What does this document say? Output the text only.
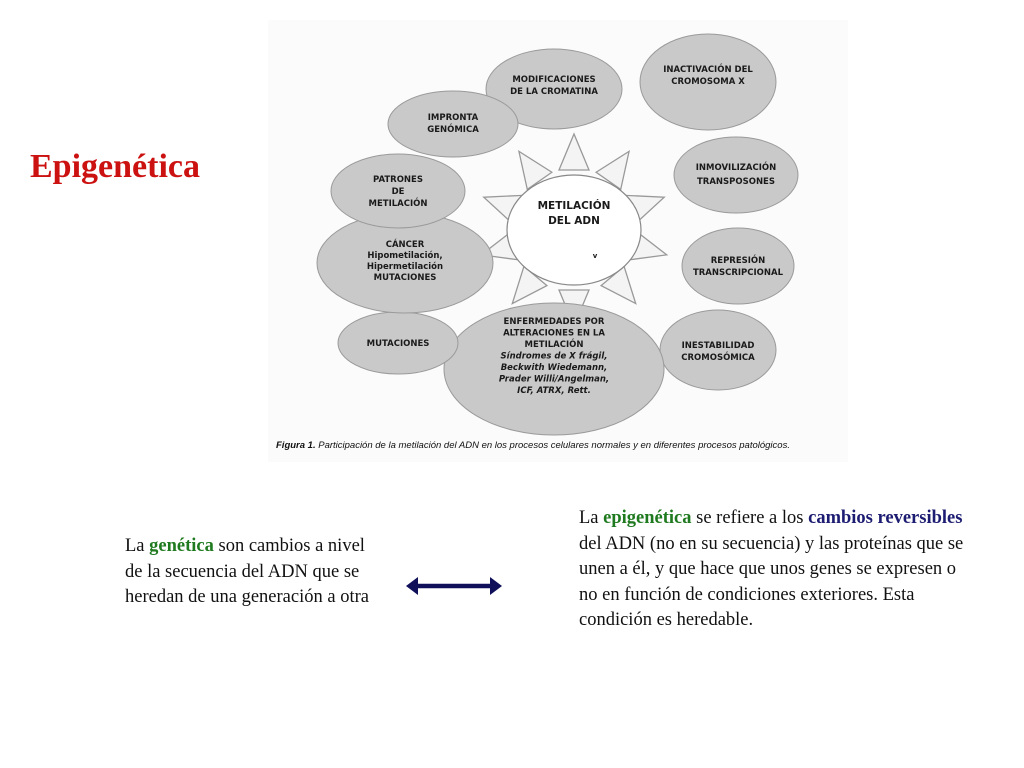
Epigenética
MODIFICACIONES
DE LA CROMATINA
INACTIVACIÓN DEL
CROMOSOMA X
INMOVILIZACIÓN
TRANSPOSONES
REPRESIÓN
TRANSCRIPCIONAL
INESTABILIDAD
CROMOSÓMICA
ENFERMEDADES POR
ALTERACIONES EN LA
METILACIÓN
Síndromes de X frágil,
Beckwith Wiedemann,
Prader Willi/Angelman,
ICF, ATRX, Rett.
MUTACIONES
CÁNCER
Hipometilación,
Hipermetilación
MUTACIONES
PATRONES
DE
METILACIÓN
IMPRONTA
GENÓMICA
METILACIÓN
DEL ADN
v
Figura 1. Participación de la metilación del ADN en los procesos celulares normales y en diferentes procesos patológicos.
La genética son cambios a nivel de la secuencia del ADN que se heredan de una generación a otra
La epigenética se refiere a los cambios reversibles del ADN (no en su secuencia) y las proteínas que se unen a él, y que hace que unos genes se expresen o no en función de condiciones exteriores. Esta condición es heredable.
